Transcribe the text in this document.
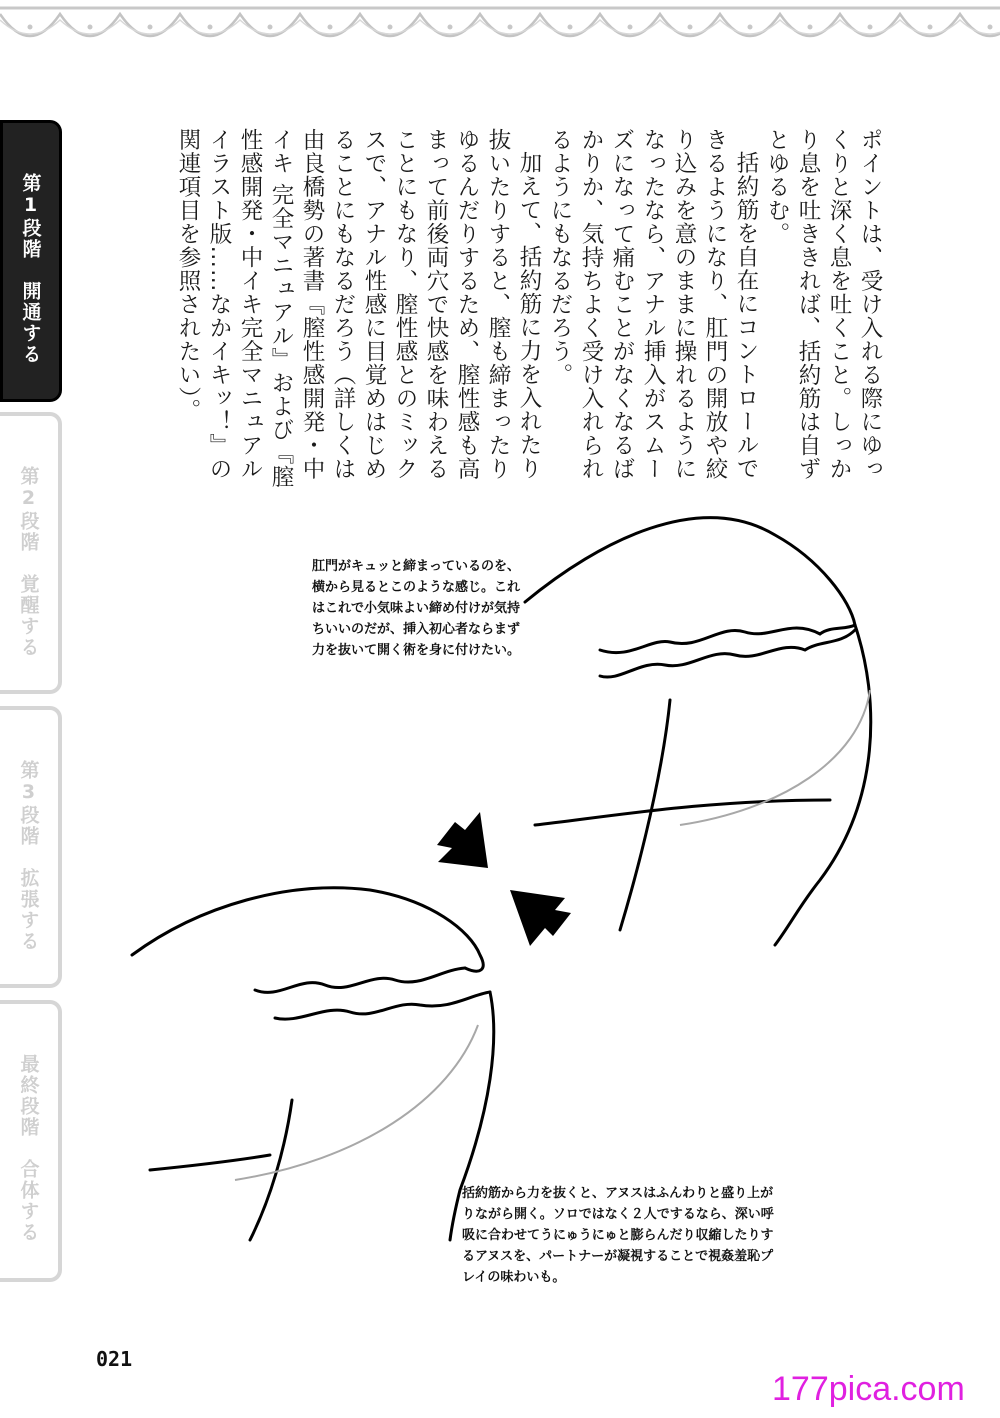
第1段階　開通する
第2段階　覚醒する
第3段階　拡張する
最終段階　合体する

ポイントは、受け入れる際にゆっくりと深く息を吐くこと。しっかり息を吐ききれば、括約筋は自ずとゆるむ。

括約筋を自在にコントロールできるようになり、肛門の開放や絞り込みを意のままに操れるようになったなら、アナル挿入がスムーズになって痛むことがなくなるばかりか、気持ちよく受け入れられるようにもなるだろう。

加えて、括約筋に力を入れたり抜いたりすると、膣も締まったりゆるんだりするため、膣性感も高まって前後両穴で快感を味わえることにもなり、膣性感とのミックスで、アナル性感に目覚めはじめることにもなるだろう（詳しくは由良橋勢の著書『膣性感開発・中イキ 完全マニュアル』および『膣性感開発・中イキ完全マニュアルイラスト版……なかイキッ！』の関連項目を参照されたい）。

肛門がキュッと締まっているのを、横から見るとこのような感じ。これはこれで小気味よい締め付けが気持ちいいのだが、挿入初心者ならまず力を抜いて開く術を身に付けたい。
括約筋から力を抜くと、アヌスはふんわりと盛り上がりながら開く。ソロではなく２人でするなら、深い呼吸に合わせてうにゅうにゅと膨らんだり収縮したりするアヌスを、パートナーが凝視することで視姦羞恥プレイの味わいも。
021
177pica.com
